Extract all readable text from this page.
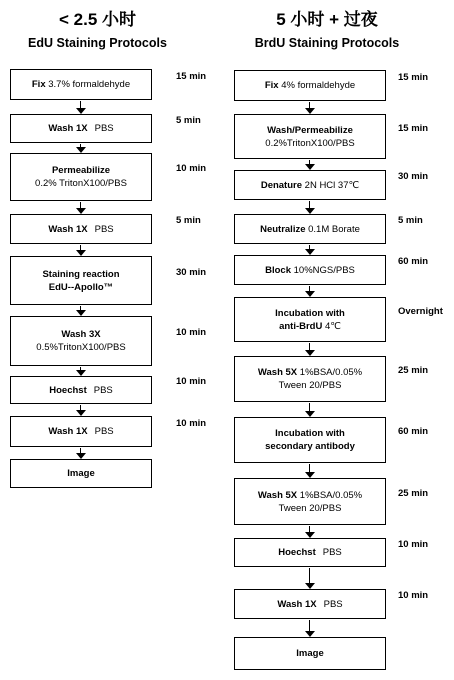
< 2.5 小时
EdU Staining Protocols
5 小时 + 过夜
BrdU Staining Protocols
Fix 3.7% formaldehyde
15 min
Wash 1X PBS
5 min
Permeabilize
0.2% TritonX100/PBS
10 min
Wash 1X PBS
5 min
Staining reaction
EdU--Apollo™
30 min
Wash 3X
0.5%TritonX100/PBS
10 min
Hoechst PBS
10 min
Wash 1X PBS
10 min
Image
Fix 4% formaldehyde
15 min
Wash/Permeabilize
0.2%TritonX100/PBS
15 min
Denature 2N HCl 37℃
30 min
Neutralize 0.1M Borate
5 min
Block 10%NGS/PBS
60 min
Incubation with
anti-BrdU 4℃
Overnight
Wash 5X 1%BSA/0.05%
Tween 20/PBS
25 min
Incubation with
secondary antibody
60 min
Wash 5X 1%BSA/0.05%
Tween 20/PBS
25 min
Hoechst PBS
10 min
Wash 1X PBS
10 min
Image
